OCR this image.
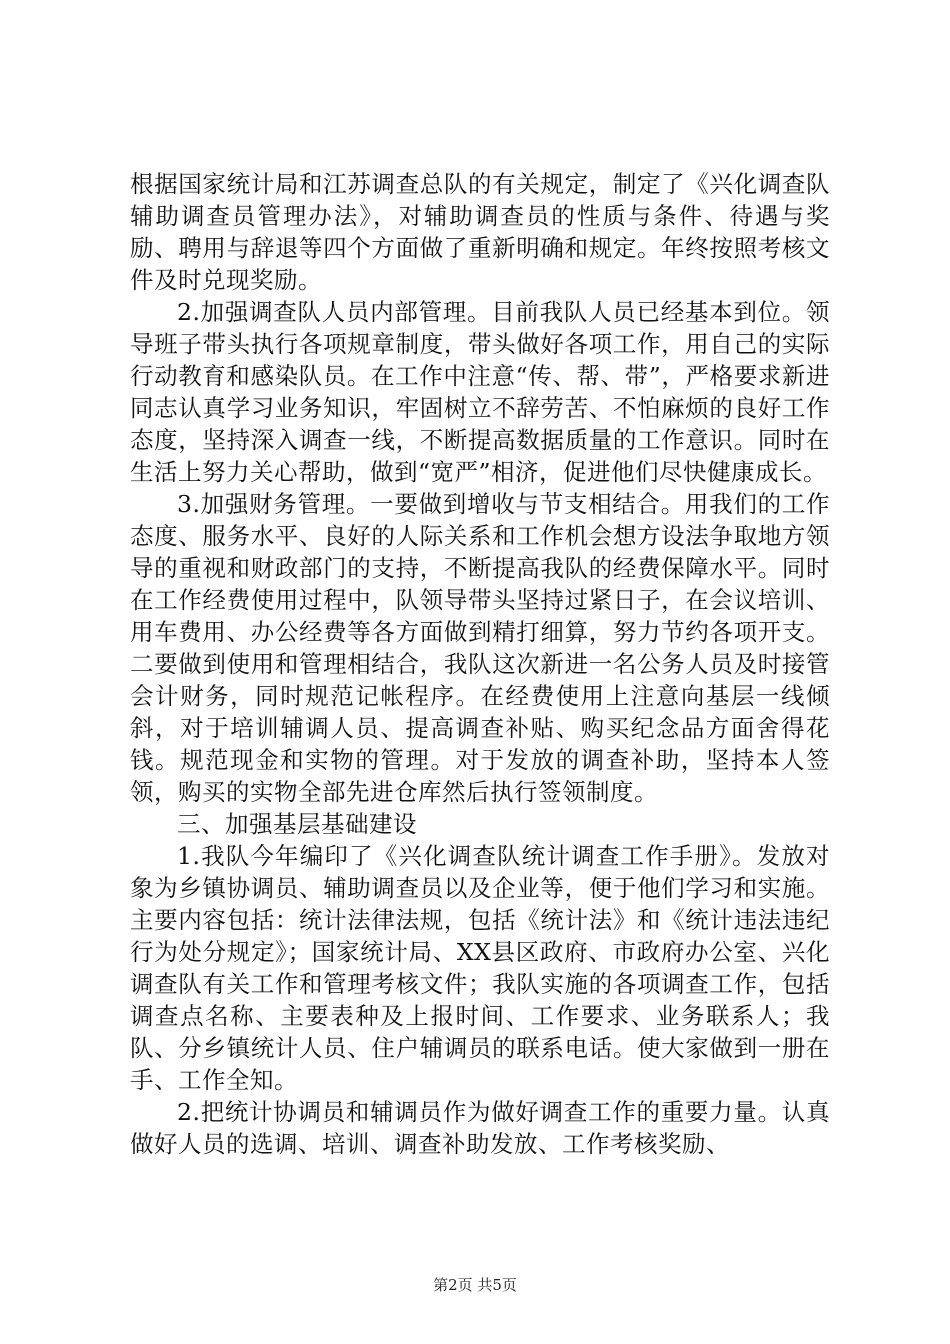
根据国家统计局和江苏调查总队的有关规定，制定了《兴化调查队辅助调查员管理办法》，对辅助调查员的性质与条件、待遇与奖励、聘用与辞退等四个方面做了重新明确和规定。年终按照考核文件及时兑现奖励。

2.加强调查队人员内部管理。目前我队人员已经基本到位。领导班子带头执行各项规章制度，带头做好各项工作，用自己的实际行动教育和感染队员。在工作中注意“传、帮、带”，严格要求新进同志认真学习业务知识，牢固树立不辞劳苦、不怕麻烦的良好工作态度，坚持深入调查一线，不断提高数据质量的工作意识。同时在生活上努力关心帮助，做到“宽严”相济，促进他们尽快健康成长。

3.加强财务管理。一要做到增收与节支相结合。用我们的工作态度、服务水平、良好的人际关系和工作机会想方设法争取地方领导的重视和财政部门的支持，不断提高我队的经费保障水平。同时在工作经费使用过程中，队领导带头坚持过紧日子，在会议培训、用车费用、办公经费等各方面做到精打细算，努力节约各项开支。二要做到使用和管理相结合，我队这次新进一名公务人员及时接管会计财务，同时规范记帐程序。在经费使用上注意向基层一线倾斜，对于培训辅调人员、提高调查补贴、购买纪念品方面舍得花钱。规范现金和实物的管理。对于发放的调查补助，坚持本人签领，购买的实物全部先进仓库然后执行签领制度。

三、加强基层基础建设

1.我队今年编印了《兴化调查队统计调查工作手册》。发放对象为乡镇协调员、辅助调查员以及企业等，便于他们学习和实施。主要内容包括：统计法律法规，包括《统计法》和《统计违法违纪行为处分规定》；国家统计局、XX县区政府、市政府办公室、兴化调查队有关工作和管理考核文件；我队实施的各项调查工作，包括调查点名称、主要表种及上报时间、工作要求、业务联系人；我队、分乡镇统计人员、住户辅调员的联系电话。使大家做到一册在手、工作全知。

2.把统计协调员和辅调员作为做好调查工作的重要力量。认真做好人员的选调、培训、调查补助发放、工作考核奖励、

第2页 共5页
